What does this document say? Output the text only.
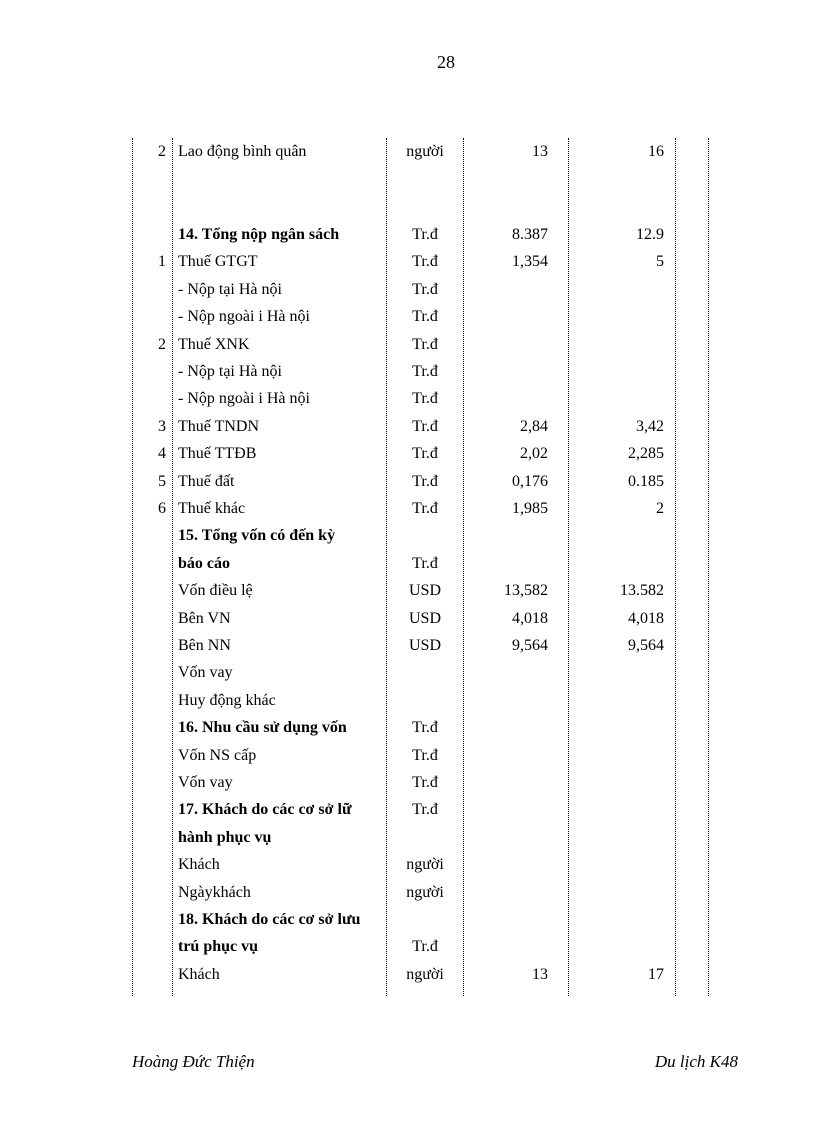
28
2 Lao động bình quân	người	13	16
14. Tổng nộp ngân sách	Tr.đ	8.387	12.9
1 Thuế GTGT	Tr.đ	1,354	5
- Nộp tại Hà nội	Tr.đ
- Nộp ngoài i Hà nội	Tr.đ
2 Thuế XNK	Tr.đ
- Nộp tại Hà nội	Tr.đ
- Nộp ngoài i Hà nội	Tr.đ
3 Thuế TNDN	Tr.đ	2,84	3,42
4 Thuế TTĐB	Tr.đ	2,02	2,285
5 Thuế đất	Tr.đ	0,176	0.185
6 Thuế khác	Tr.đ	1,985	2
15. Tổng vốn có đến kỳ
báo cáo	Tr.đ
Vốn điều lệ	USD	13,582	13.582
Bên VN	USD	4,018	4,018
Bên NN	USD	9,564	9,564
Vốn vay
Huy động khác
16. Nhu cầu sử dụng vốn	Tr.đ
Vốn NS cấp	Tr.đ
Vốn vay	Tr.đ
17. Khách do các cơ sở lữ	Tr.đ
hành phục vụ
Khách	người
Ngàykhách	người
18. Khách do các cơ sở lưu
trú phục vụ	Tr.đ
Khách	người	13	17
Hoàng Đức Thiện	Du lịch K48
